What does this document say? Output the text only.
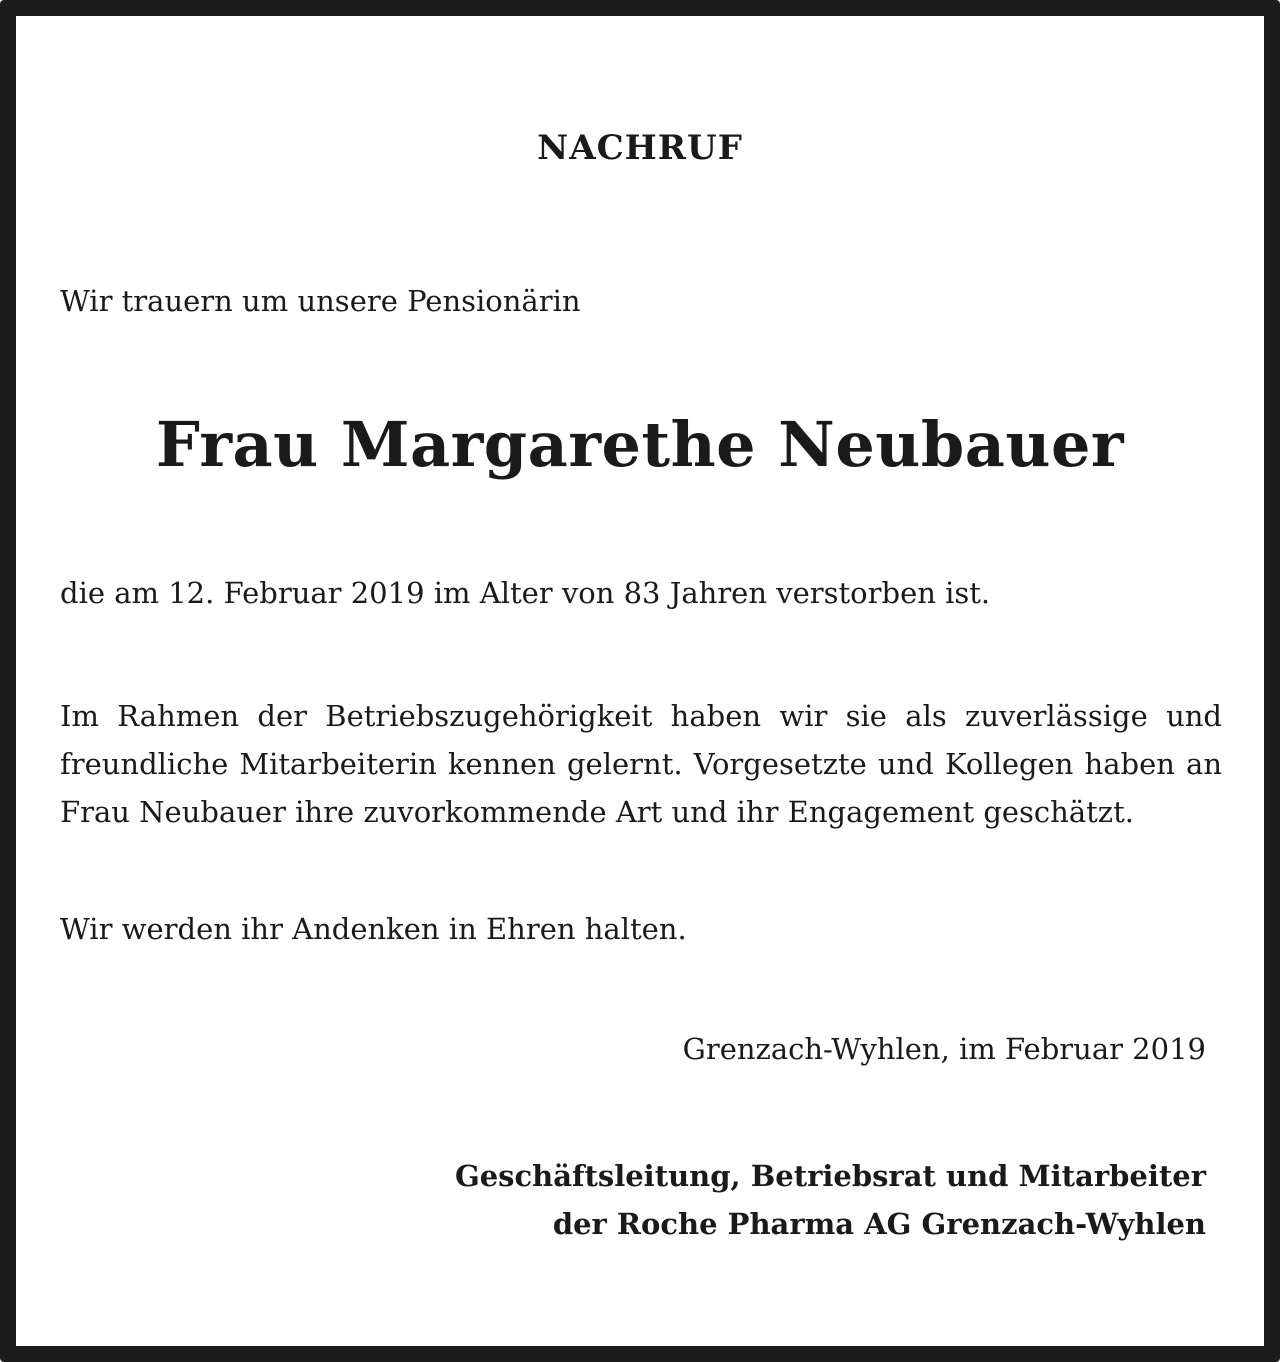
NACHRUF
Wir trauern um unsere Pensionärin
Frau Margarethe Neubauer
die am 12. Februar 2019 im Alter von 83 Jahren verstorben ist.

Im Rahmen der Betriebszugehörigkeit haben wir sie als zuverlässige und freundliche Mitarbeiterin kennen gelernt. Vorgesetzte und Kollegen haben an Frau Neubauer ihre zuvorkommende Art und ihr Engagement geschätzt.

Wir werden ihr Andenken in Ehren halten.
Grenzach-Wyhlen, im Februar 2019
Geschäftsleitung, Betriebsrat und Mitarbeiter
der Roche Pharma AG Grenzach-Wyhlen
